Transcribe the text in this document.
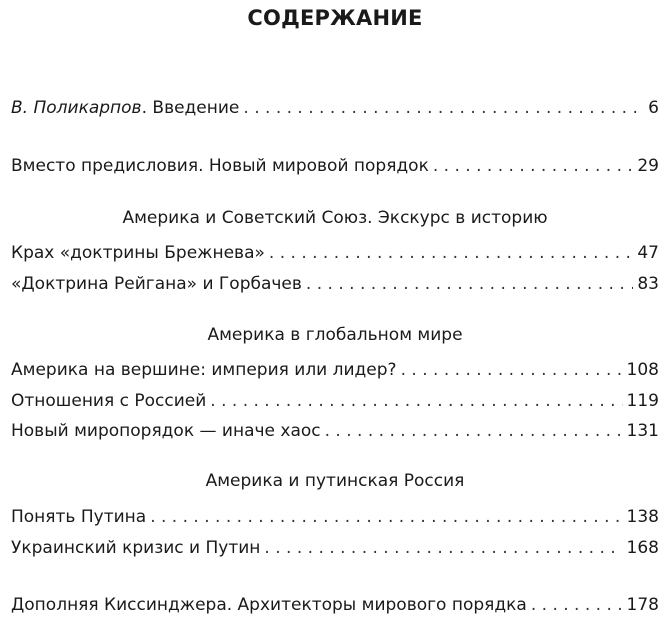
СОДЕРЖАНИЕ
В. Поликарпов. Введение . . .	6
Вместо предисловия. Новый мировой порядок . . .	29
Америка и Советский Союз. Экскурс в историю
Крах «доктрины Брежнева» . . .	47
«Доктрина Рейгана» и Горбачев . . .	83
Америка в глобальном мире
Америка на вершине: империя или лидер? . . .	108
Отношения с Россией . . .	119
Новый миропорядок — иначе хаос . . .	131
Америка и путинская Россия
Понять Путина . . .	138
Украинский кризис и Путин . . .	168
Дополняя Киссинджера. Архитекторы мирового порядка . . .	178
